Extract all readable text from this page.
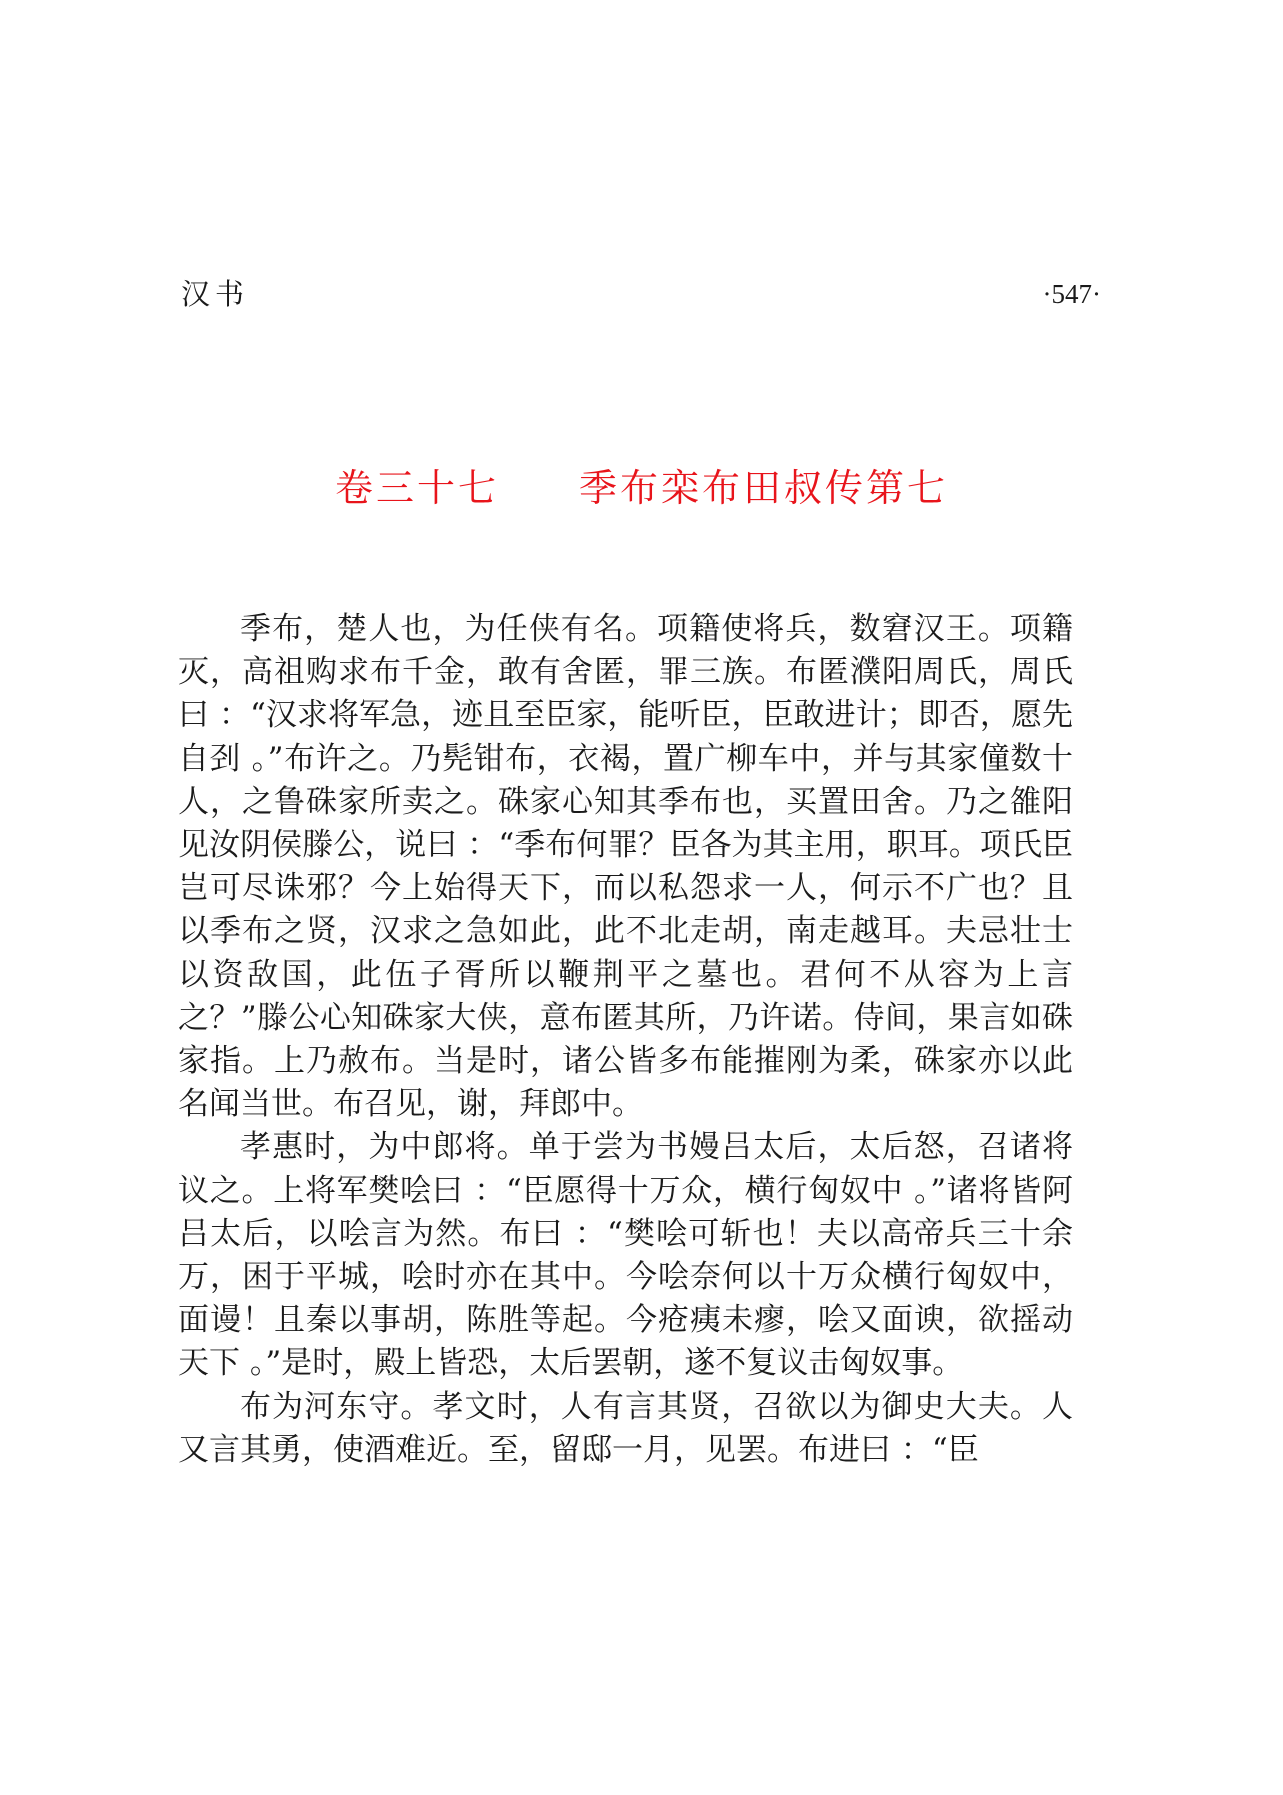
汉书	·547·
卷三十七 季布栾布田叔传第七

季布，楚人也，为任侠有名。项籍使将兵，数窘汉王。项籍灭，高祖购求布千金，敢有舍匿，罪三族。布匿濮阳周氏，周氏曰 ：“汉求将军急，迹且至臣家，能听臣，臣敢进计；即否，愿先自刭 。”布许之。乃髡钳布，衣褐，置广柳车中，并与其家僮数十人，之鲁硃家所卖之。硃家心知其季布也，买置田舍。乃之雒阳见汝阴侯滕公，说曰 ：“季布何罪？臣各为其主用，职耳。项氏臣岂可尽诛邪？今上始得天下，而以私怨求一人，何示不广也？且以季布之贤，汉求之急如此，此不北走胡，南走越耳。夫忌壮士以资敌国，此伍子胥所以鞭荆平之墓也。君何不从容为上言之？”滕公心知硃家大侠，意布匿其所，乃许诺。侍间，果言如硃家指。上乃赦布。当是时，诸公皆多布能摧刚为柔，硃家亦以此名闻当世。布召见，谢，拜郎中。

孝惠时，为中郎将。单于尝为书嫚吕太后，太后怒，召诸将议之。上将军樊哙曰 ：“臣愿得十万众，横行匈奴中 。”诸将皆阿吕太后，以哙言为然。布曰 ：“樊哙可斩也！夫以高帝兵三十余万，困于平城，哙时亦在其中。今哙奈何以十万众横行匈奴中，面谩！且秦以事胡，陈胜等起。今疮痍未瘳，哙又面谀，欲摇动天下 。”是时，殿上皆恐，太后罢朝，遂不复议击匈奴事。

布为河东守。孝文时，人有言其贤，召欲以为御史大夫。人又言其勇，使酒难近。至，留邸一月，见罢。布进曰 ：“臣
